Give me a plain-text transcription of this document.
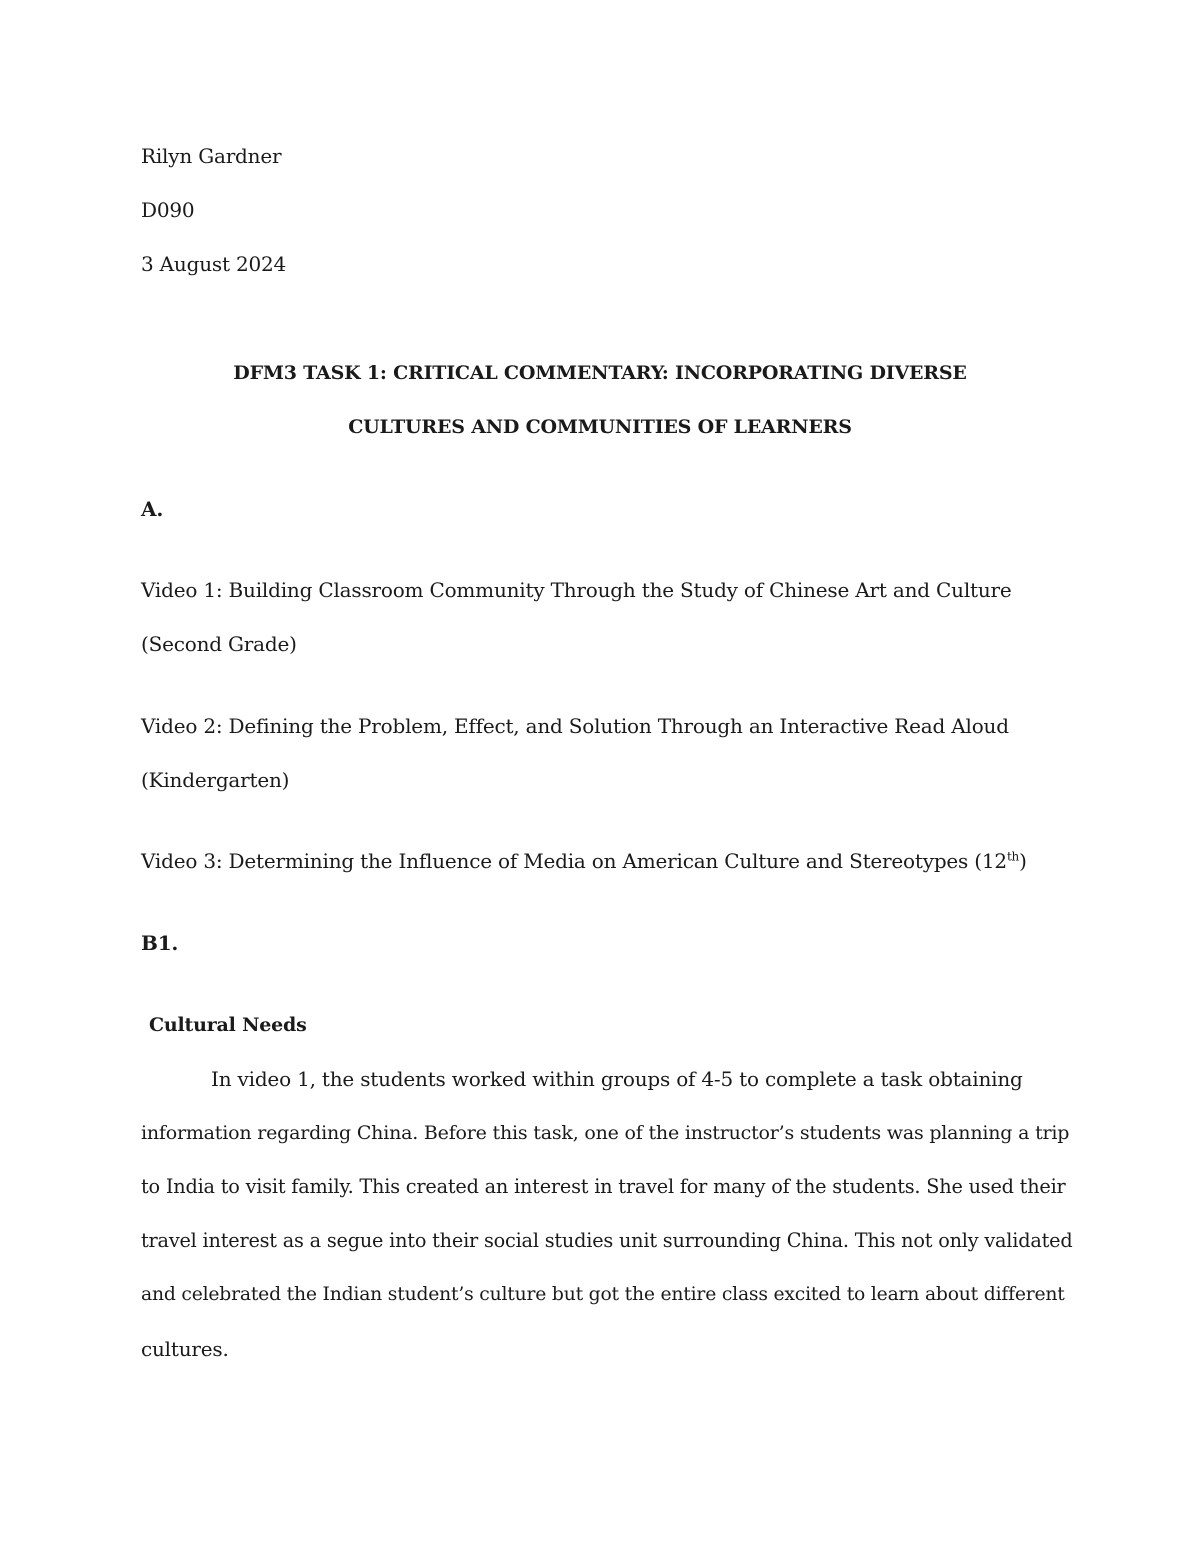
Rilyn Gardner
D090
3 August 2024
DFM3 TASK 1: CRITICAL COMMENTARY: INCORPORATING DIVERSE
CULTURES AND COMMUNITIES OF LEARNERS
A.
Video 1: Building Classroom Community Through the Study of Chinese Art and Culture
(Second Grade)
Video 2: Defining the Problem, Effect, and Solution Through an Interactive Read Aloud
(Kindergarten)
Video 3: Determining the Influence of Media on American Culture and Stereotypes (12th)
B1.
Cultural Needs
In video 1, the students worked within groups of 4-5 to complete a task obtaining
information regarding China. Before this task, one of the instructor’s students was planning a trip
to India to visit family. This created an interest in travel for many of the students. She used their
travel interest as a segue into their social studies unit surrounding China. This not only validated
and celebrated the Indian student’s culture but got the entire class excited to learn about different
cultures.
